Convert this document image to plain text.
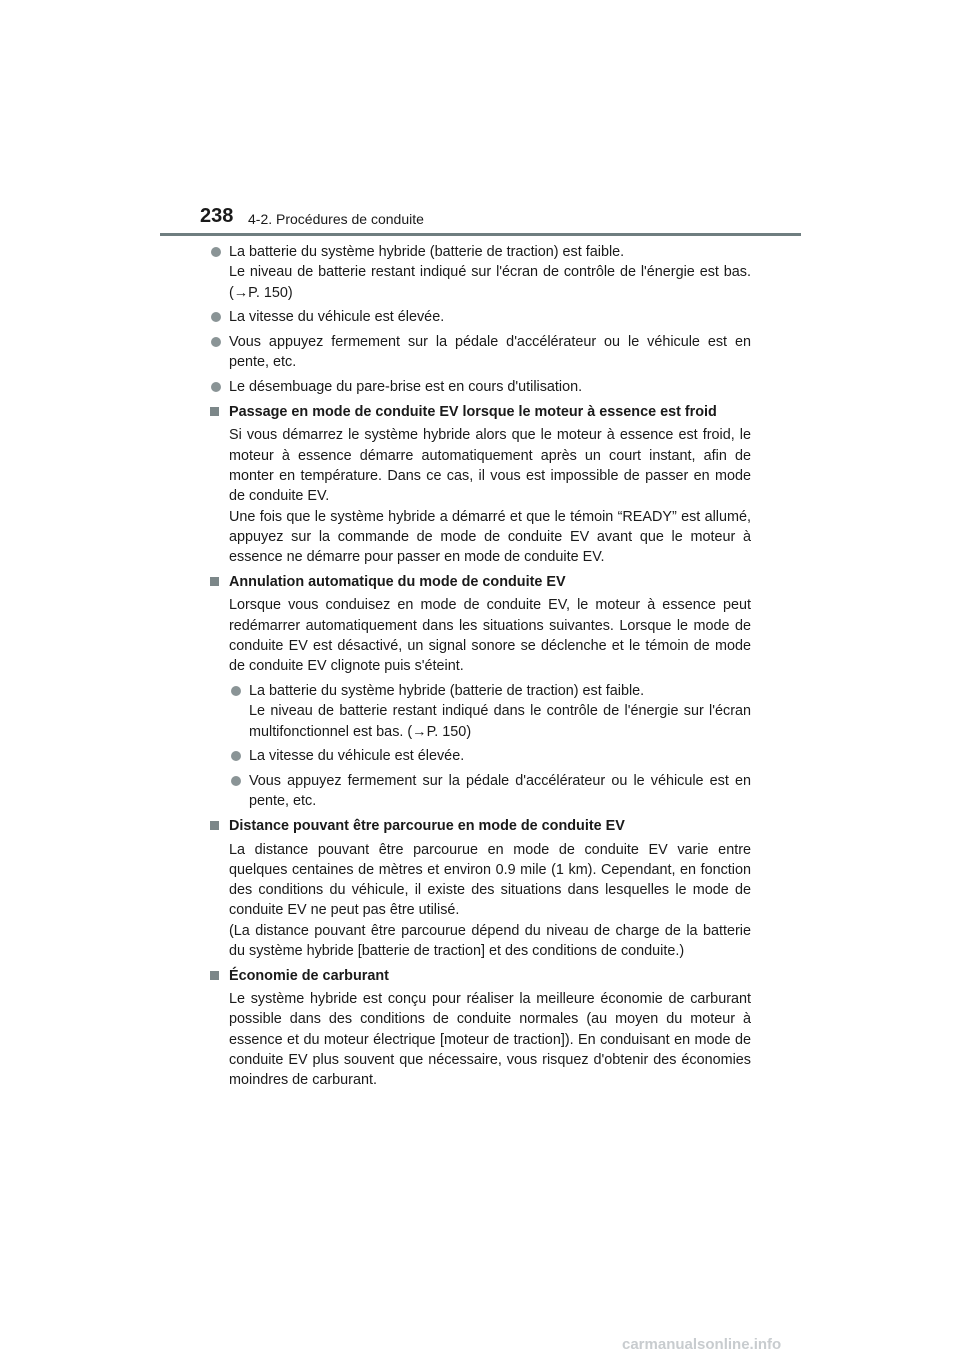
238 4-2. Procédures de conduite
La batterie du système hybride (batterie de traction) est faible.
Le niveau de batterie restant indiqué sur l'écran de contrôle de l'énergie est bas. (→P. 150)
La vitesse du véhicule est élevée.
Vous appuyez fermement sur la pédale d'accélérateur ou le véhicule est en pente, etc.
Le désembuage du pare-brise est en cours d'utilisation.
Passage en mode de conduite EV lorsque le moteur à essence est froid
Si vous démarrez le système hybride alors que le moteur à essence est froid, le moteur à essence démarre automatiquement après un court instant, afin de monter en température. Dans ce cas, il vous est impossible de passer en mode de conduite EV.
Une fois que le système hybride a démarré et que le témoin “READY” est allumé, appuyez sur la commande de mode de conduite EV avant que le moteur à essence ne démarre pour passer en mode de conduite EV.
Annulation automatique du mode de conduite EV
Lorsque vous conduisez en mode de conduite EV, le moteur à essence peut redémarrer automatiquement dans les situations suivantes. Lorsque le mode de conduite EV est désactivé, un signal sonore se déclenche et le témoin de mode de conduite EV clignote puis s'éteint.
La batterie du système hybride (batterie de traction) est faible.
Le niveau de batterie restant indiqué dans le contrôle de l'énergie sur l'écran multifonctionnel est bas. (→P. 150)
La vitesse du véhicule est élevée.
Vous appuyez fermement sur la pédale d'accélérateur ou le véhicule est en pente, etc.
Distance pouvant être parcourue en mode de conduite EV
La distance pouvant être parcourue en mode de conduite EV varie entre quelques centaines de mètres et environ 0.9 mile (1 km). Cependant, en fonction des conditions du véhicule, il existe des situations dans lesquelles le mode de conduite EV ne peut pas être utilisé.
(La distance pouvant être parcourue dépend du niveau de charge de la batterie du système hybride [batterie de traction] et des conditions de conduite.)
Économie de carburant
Le système hybride est conçu pour réaliser la meilleure économie de carburant possible dans des conditions de conduite normales (au moyen du moteur à essence et du moteur électrique [moteur de traction]). En conduisant en mode de conduite EV plus souvent que nécessaire, vous risquez d'obtenir des économies moindres de carburant.
carmanualsonline.info
